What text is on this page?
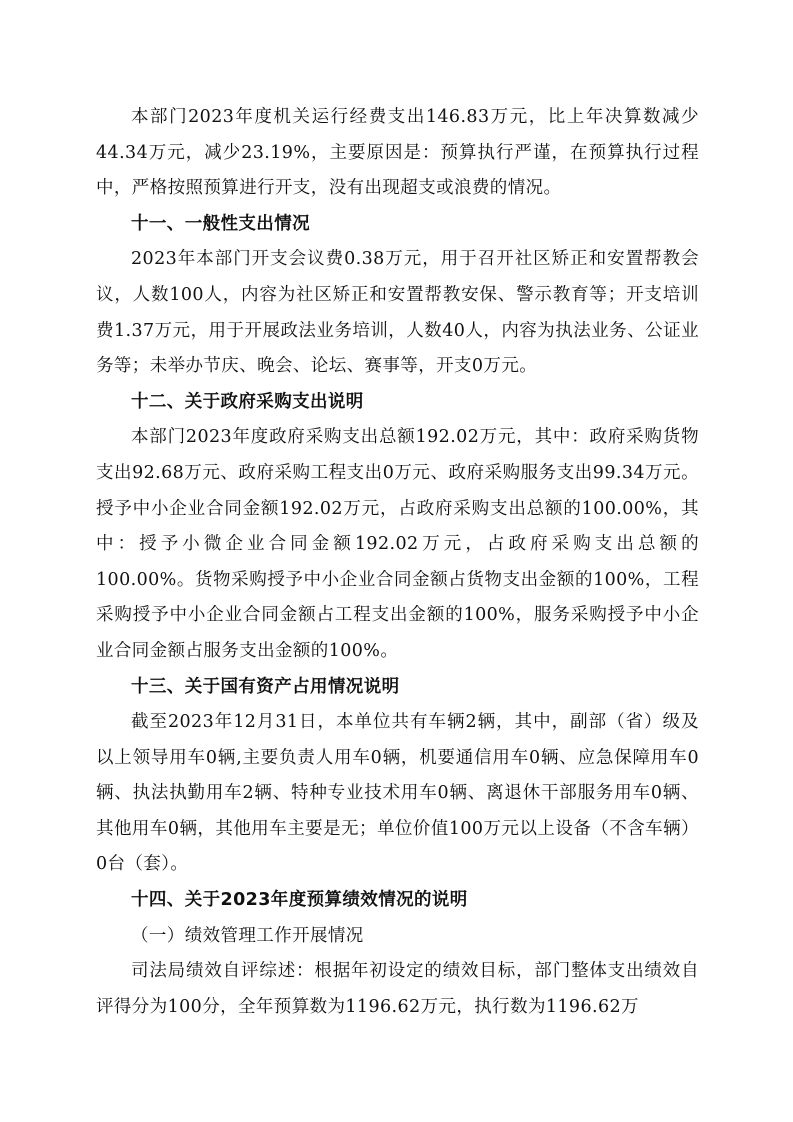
本部门2023年度机关运行经费支出146.83万元，比上年决算数减少44.34万元，减少23.19%，主要原因是：预算执行严谨，在预算执行过程中，严格按照预算进行开支，没有出现超支或浪费的情况。

十一、一般性支出情况

2023年本部门开支会议费0.38万元，用于召开社区矫正和安置帮教会议，人数100人，内容为社区矫正和安置帮教安保、警示教育等；开支培训费1.37万元，用于开展政法业务培训，人数40人，内容为执法业务、公证业务等；未举办节庆、晚会、论坛、赛事等，开支0万元。

十二、关于政府采购支出说明

本部门2023年度政府采购支出总额192.02万元，其中：政府采购货物支出92.68万元、政府采购工程支出0万元、政府采购服务支出99.34万元。授予中小企业合同金额192.02万元，占政府采购支出总额的100.00%，其中：授予小微企业合同金额192.02万元，占政府采购支出总额的100.00%。货物采购授予中小企业合同金额占货物支出金额的100%，工程采购授予中小企业合同金额占工程支出金额的100%，服务采购授予中小企业合同金额占服务支出金额的100%。

十三、关于国有资产占用情况说明

截至2023年12月31日，本单位共有车辆2辆，其中，副部（省）级及以上领导用车0辆,主要负责人用车0辆，机要通信用车0辆、应急保障用车0辆、执法执勤用车2辆、特种专业技术用车0辆、离退休干部服务用车0辆、其他用车0辆，其他用车主要是无；单位价值100万元以上设备（不含车辆）0台（套）。

十四、关于2023年度预算绩效情况的说明

（一）绩效管理工作开展情况

司法局绩效自评综述：根据年初设定的绩效目标，部门整体支出绩效自评得分为100分，全年预算数为1196.62万元，执行数为1196.62万
